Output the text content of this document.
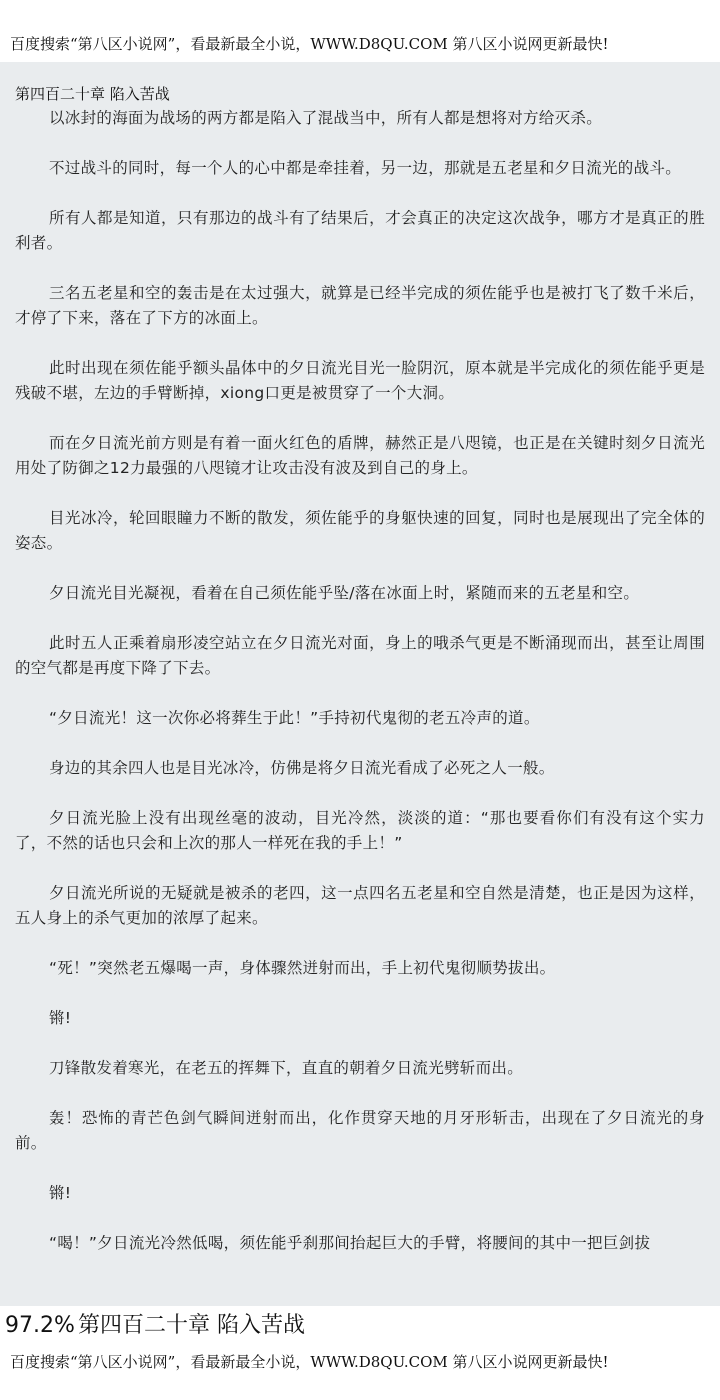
百度搜索“第八区小说网”，看最新最全小说，WWW.D8QU.COM 第八区小说网更新最快!
第四百二十章 陷入苦战

以冰封的海面为战场的两方都是陷入了混战当中，所有人都是想将对方给灭杀。

不过战斗的同时，每一个人的心中都是牵挂着，另一边，那就是五老星和夕日流光的战斗。

所有人都是知道，只有那边的战斗有了结果后，才会真正的决定这次战争，哪方才是真正的胜利者。

三名五老星和空的轰击是在太过强大，就算是已经半完成的须佐能乎也是被打飞了数千米后，才停了下来，落在了下方的冰面上。

此时出现在须佐能乎额头晶体中的夕日流光目光一脸阴沉，原本就是半完成化的须佐能乎更是残破不堪，左边的手臂断掉，xiong口更是被贯穿了一个大洞。

而在夕日流光前方则是有着一面火红色的盾牌，赫然正是八咫镜，也正是在关键时刻夕日流光用处了防御之12力最强的八咫镜才让攻击没有波及到自己的身上。

目光冰冷，轮回眼瞳力不断的散发，须佐能乎的身躯快速的回复，同时也是展现出了完全体的姿态。

夕日流光目光凝视，看着在自己须佐能乎坠/落在冰面上时，紧随而来的五老星和空。

此时五人正乘着扇形凌空站立在夕日流光对面，身上的哦杀气更是不断涌现而出，甚至让周围的空气都是再度下降了下去。

“夕日流光！这一次你必将葬生于此！”手持初代鬼彻的老五冷声的道。

身边的其余四人也是目光冰冷，仿佛是将夕日流光看成了必死之人一般。

夕日流光脸上没有出现丝毫的波动，目光冷然，淡淡的道：“那也要看你们有没有这个实力了，不然的话也只会和上次的那人一样死在我的手上！”

夕日流光所说的无疑就是被杀的老四，这一点四名五老星和空自然是清楚，也正是因为这样，五人身上的杀气更加的浓厚了起来。

“死！”突然老五爆喝一声，身体骤然迸射而出，手上初代鬼彻顺势拔出。

锵!

刀锋散发着寒光，在老五的挥舞下，直直的朝着夕日流光劈斩而出。

轰！恐怖的青芒色剑气瞬间迸射而出，化作贯穿天地的月牙形斩击，出现在了夕日流光的身前。

锵!

“喝！”夕日流光冷然低喝，须佐能乎刹那间抬起巨大的手臂，将腰间的其中一把巨剑拔

97.2% 第四百二十章 陷入苦战
百度搜索“第八区小说网”，看最新最全小说，WWW.D8QU.COM 第八区小说网更新最快!
